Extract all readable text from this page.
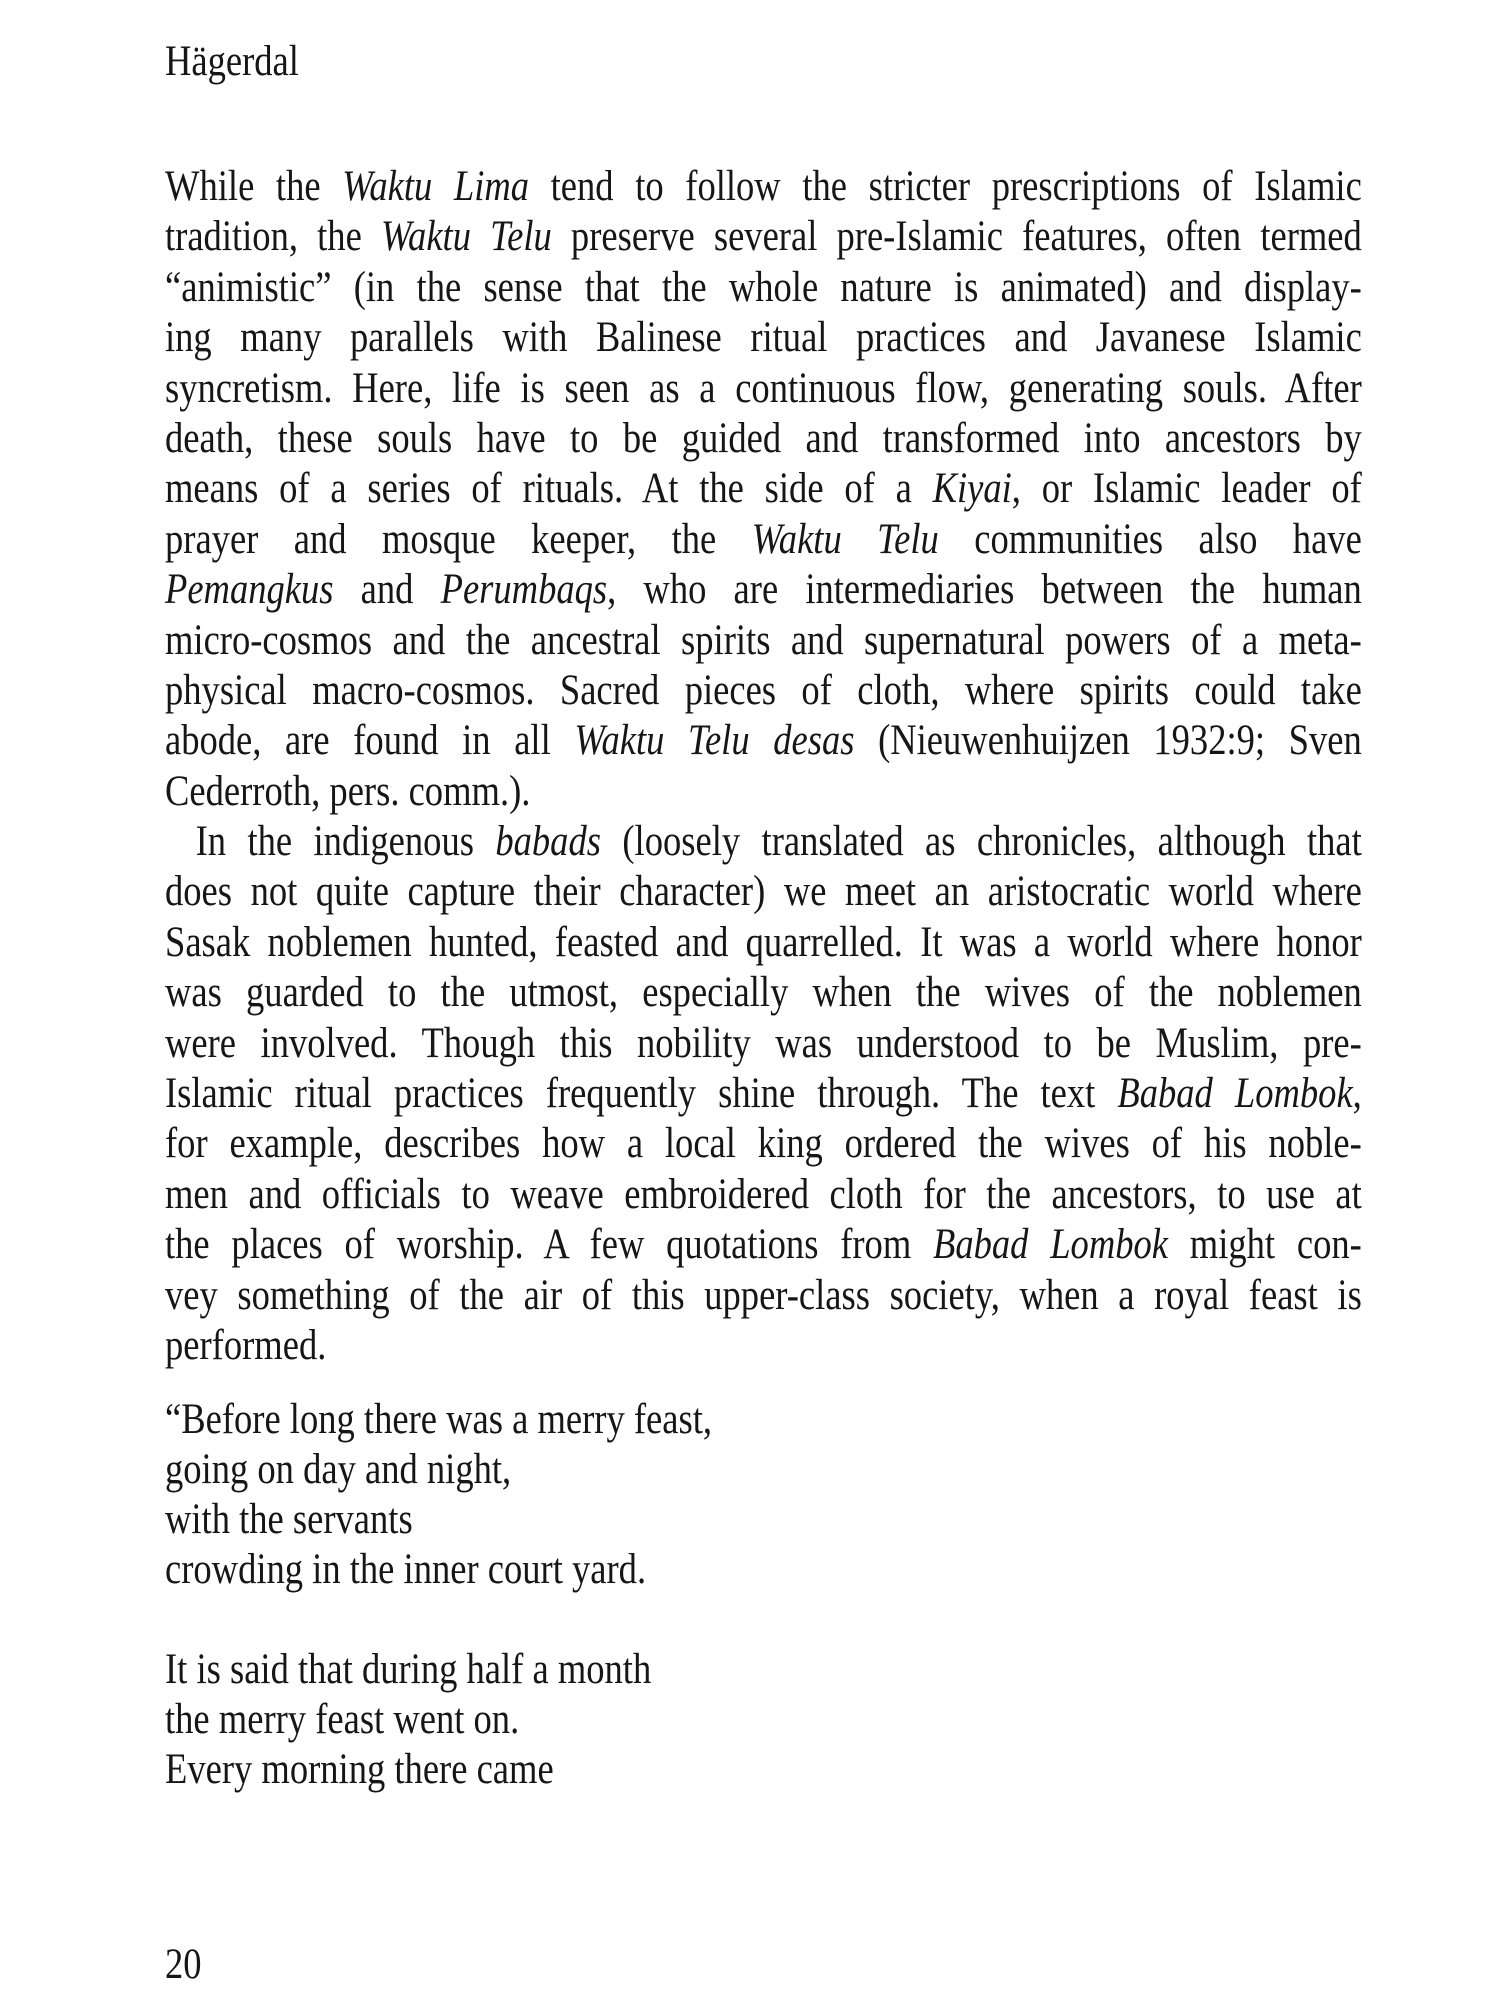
Hägerdal
While the Waktu Lima tend to follow the stricter prescriptions of Islamic
tradition, the Waktu Telu preserve several pre-Islamic features, often termed
“animistic” (in the sense that the whole nature is animated) and display-
ing many parallels with Balinese ritual practices and Javanese Islamic
syncretism. Here, life is seen as a continuous flow, generating souls. After
death, these souls have to be guided and transformed into ancestors by
means of a series of rituals. At the side of a Kiyai, or Islamic leader of
prayer and mosque keeper, the Waktu Telu communities also have
Pemangkus and Perumbaqs, who are intermediaries between the human
micro-cosmos and the ancestral spirits and supernatural powers of a meta-
physical macro-cosmos. Sacred pieces of cloth, where spirits could take
abode, are found in all Waktu Telu desas (Nieuwenhuijzen 1932:9; Sven
Cederroth, pers. comm.).
In the indigenous babads (loosely translated as chronicles, although that
does not quite capture their character) we meet an aristocratic world where
Sasak noblemen hunted, feasted and quarrelled. It was a world where honor
was guarded to the utmost, especially when the wives of the noblemen
were involved. Though this nobility was understood to be Muslim, pre-
Islamic ritual practices frequently shine through. The text Babad Lombok,
for example, describes how a local king ordered the wives of his noble-
men and officials to weave embroidered cloth for the ancestors, to use at
the places of worship. A few quotations from Babad Lombok might con-
vey something of the air of this upper-class society, when a royal feast is
performed.
“Before long there was a merry feast,
going on day and night,
with the servants
crowding in the inner court yard.
It is said that during half a month
the merry feast went on.
Every morning there came
20
